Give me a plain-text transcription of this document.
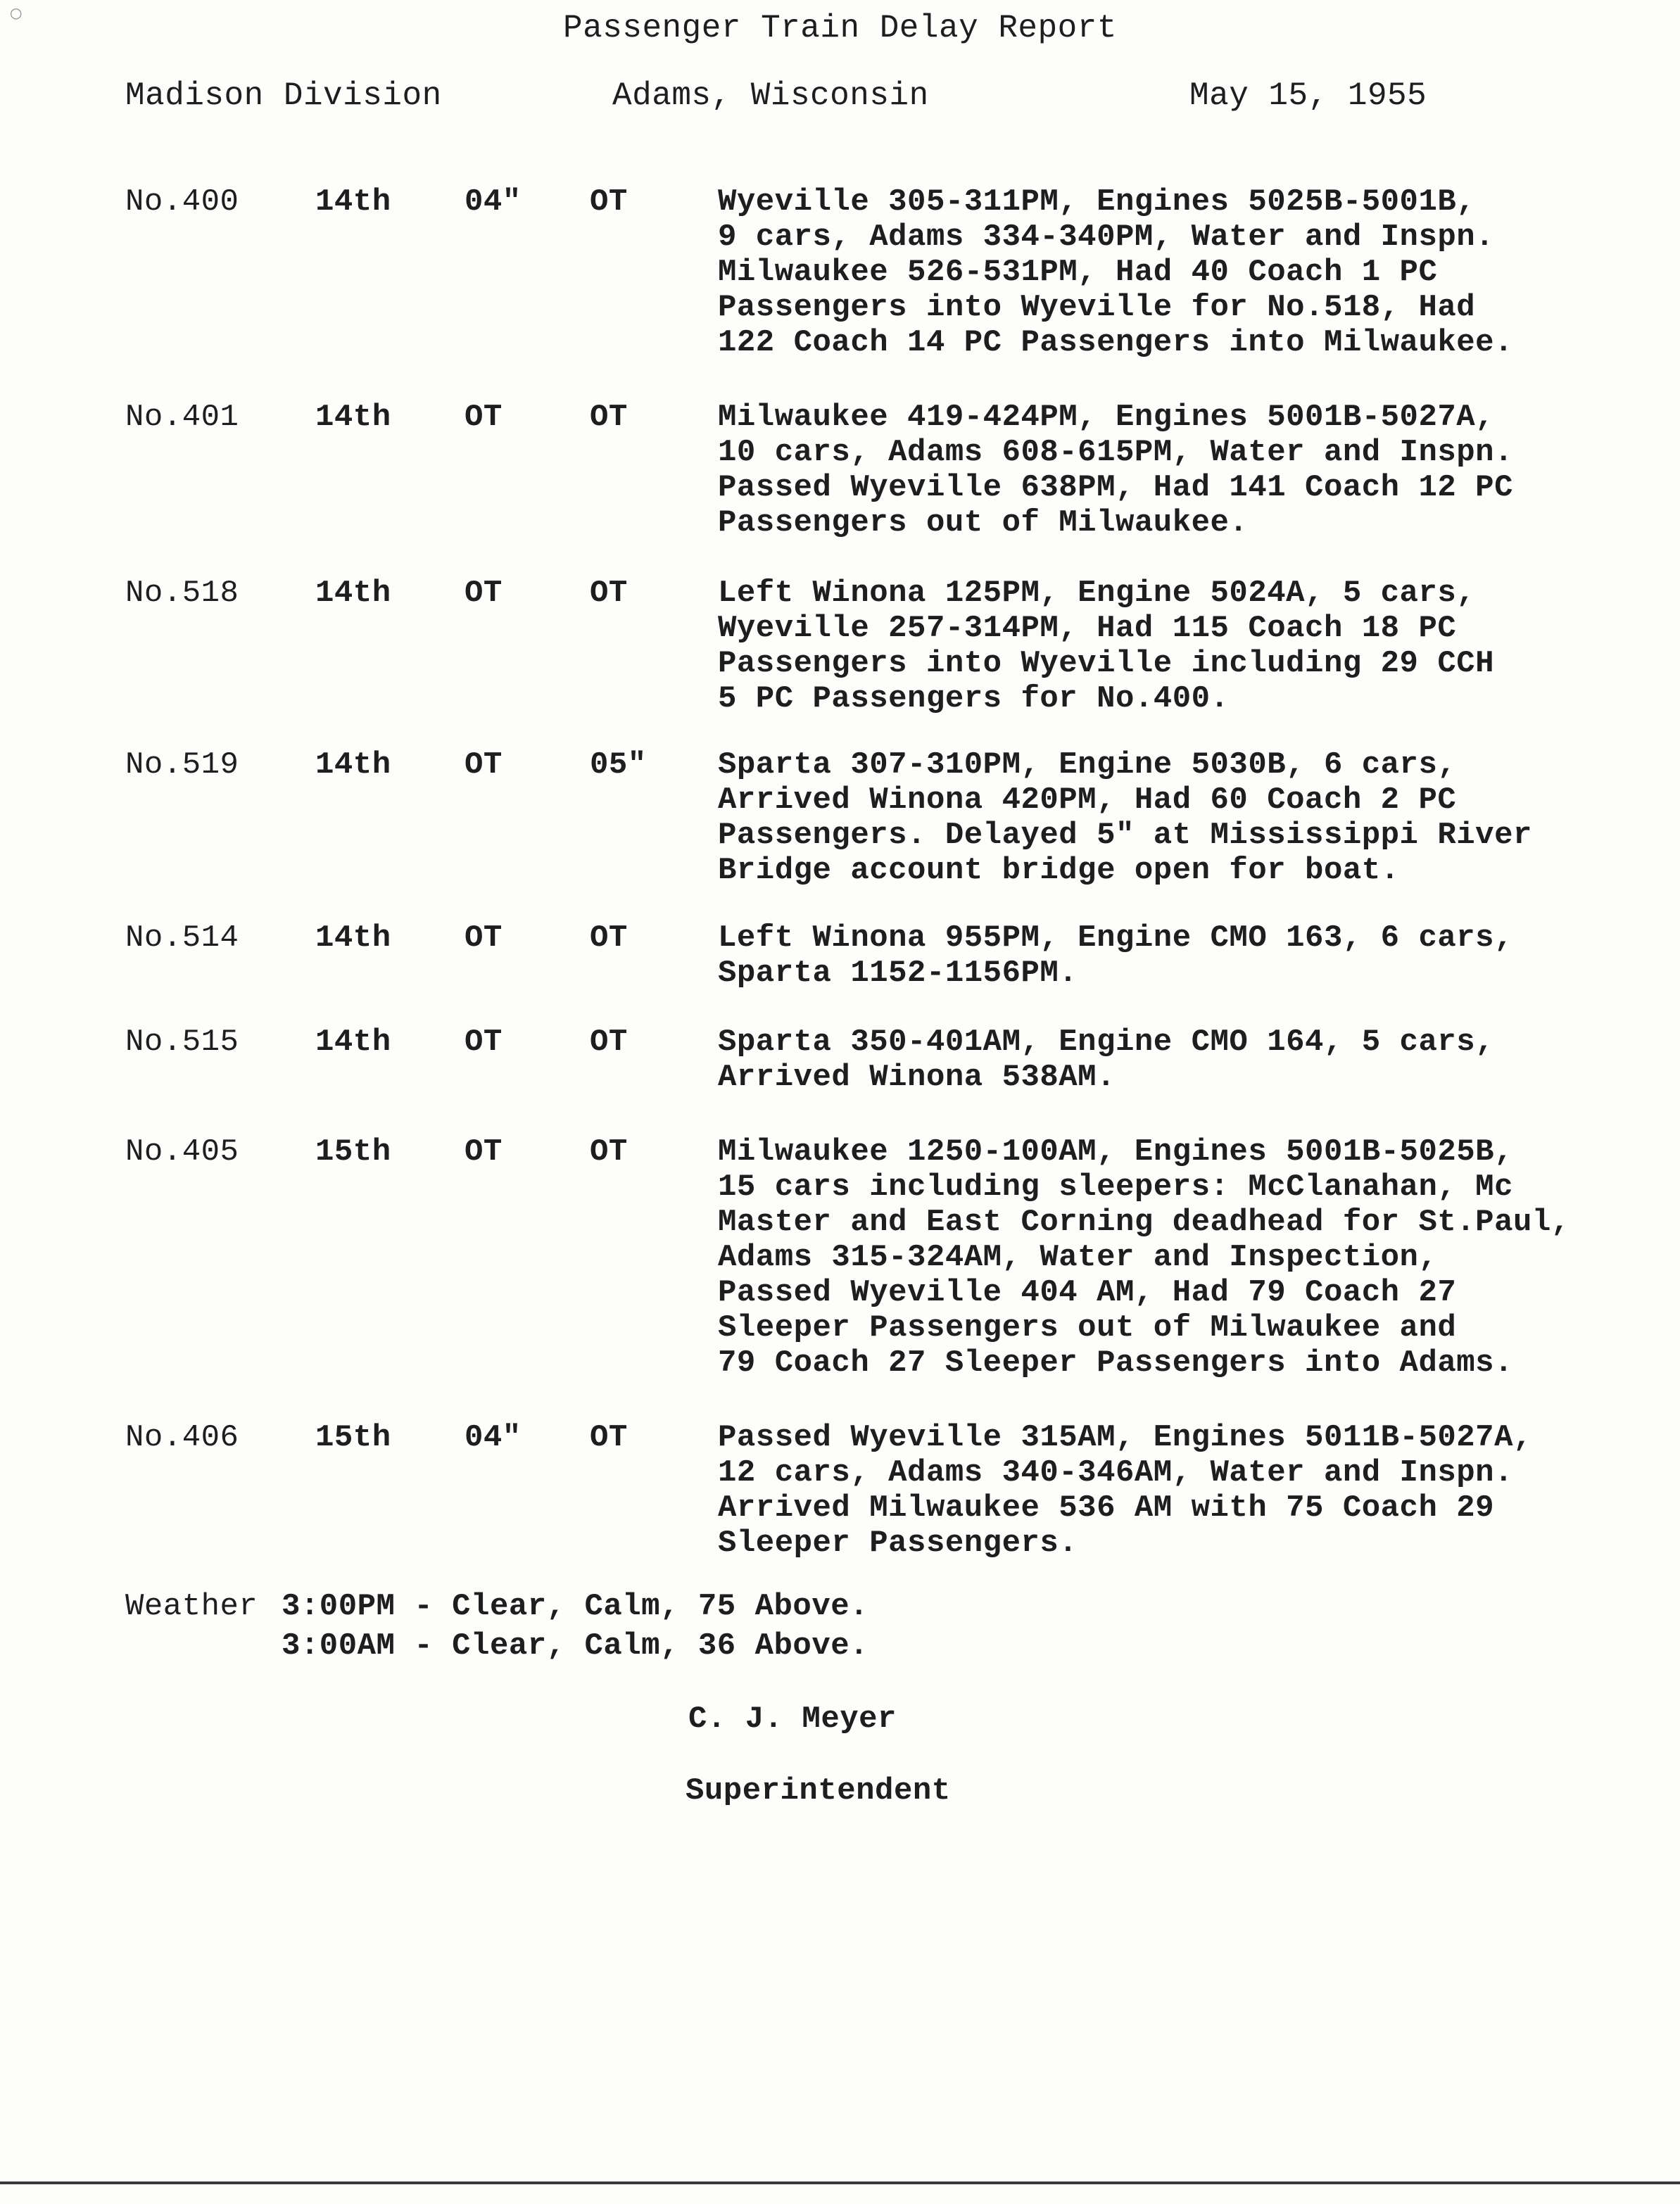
○	Passenger Train Delay Report
Madison Division	Adams, Wisconsin	May 15, 1955
No.400 14th 04" OT	Wyeville 305-311PM, Engines 5025B-5001B,
9 cars, Adams 334-340PM, Water and Inspn.
Milwaukee 526-531PM, Had 40 Coach 1 PC
Passengers into Wyeville for No.518, Had
122 Coach 14 PC Passengers into Milwaukee.
No.401 14th OT	OT	Milwaukee 419-424PM, Engines 5001B-5027A,
10 cars, Adams 608-615PM, Water and Inspn.
Passed Wyeville 638PM, Had 141 Coach 12 PC
Passengers out of Milwaukee.
No.518 14th OT	OT	Left Winona 125PM, Engine 5024A, 5 cars,
Wyeville 257-314PM, Had 115 Coach 18 PC
Passengers into Wyeville including 29 CCH
5 PC Passengers for No.400.
No.519 14th OT	05" Sparta 307-310PM, Engine 5030B, 6 cars,
Arrived Winona 420PM, Had 60 Coach 2 PC
Passengers. Delayed 5" at Mississippi River
Bridge account bridge open for boat.
No.514 14th OT	OT	Left Winona 955PM, Engine CMO 163, 6 cars,
Sparta 1152-1156PM.
No.515 14th OT	OT	Sparta 350-401AM, Engine CMO 164, 5 cars,
Arrived Winona 538AM.
No.405 15th OT	OT	Milwaukee 1250-100AM, Engines 5001B-5025B,
15 cars including sleepers: McClanahan, Mc
Master and East Corning deadhead for St.Paul,
Adams 315-324AM, Water and Inspection,
Passed Wyeville 404 AM, Had 79 Coach 27
Sleeper Passengers out of Milwaukee and
79 Coach 27 Sleeper Passengers into Adams.
No.406 15th 04" OT	Passed Wyeville 315AM, Engines 5011B-5027A,
12 cars, Adams 340-346AM, Water and Inspn.
Arrived Milwaukee 536 AM with 75 Coach 29
Sleeper Passengers.
Weather 3:00PM - Clear, Calm, 75 Above.
3:00AM - Clear, Calm, 36 Above.
C. J. Meyer
Superintendent
